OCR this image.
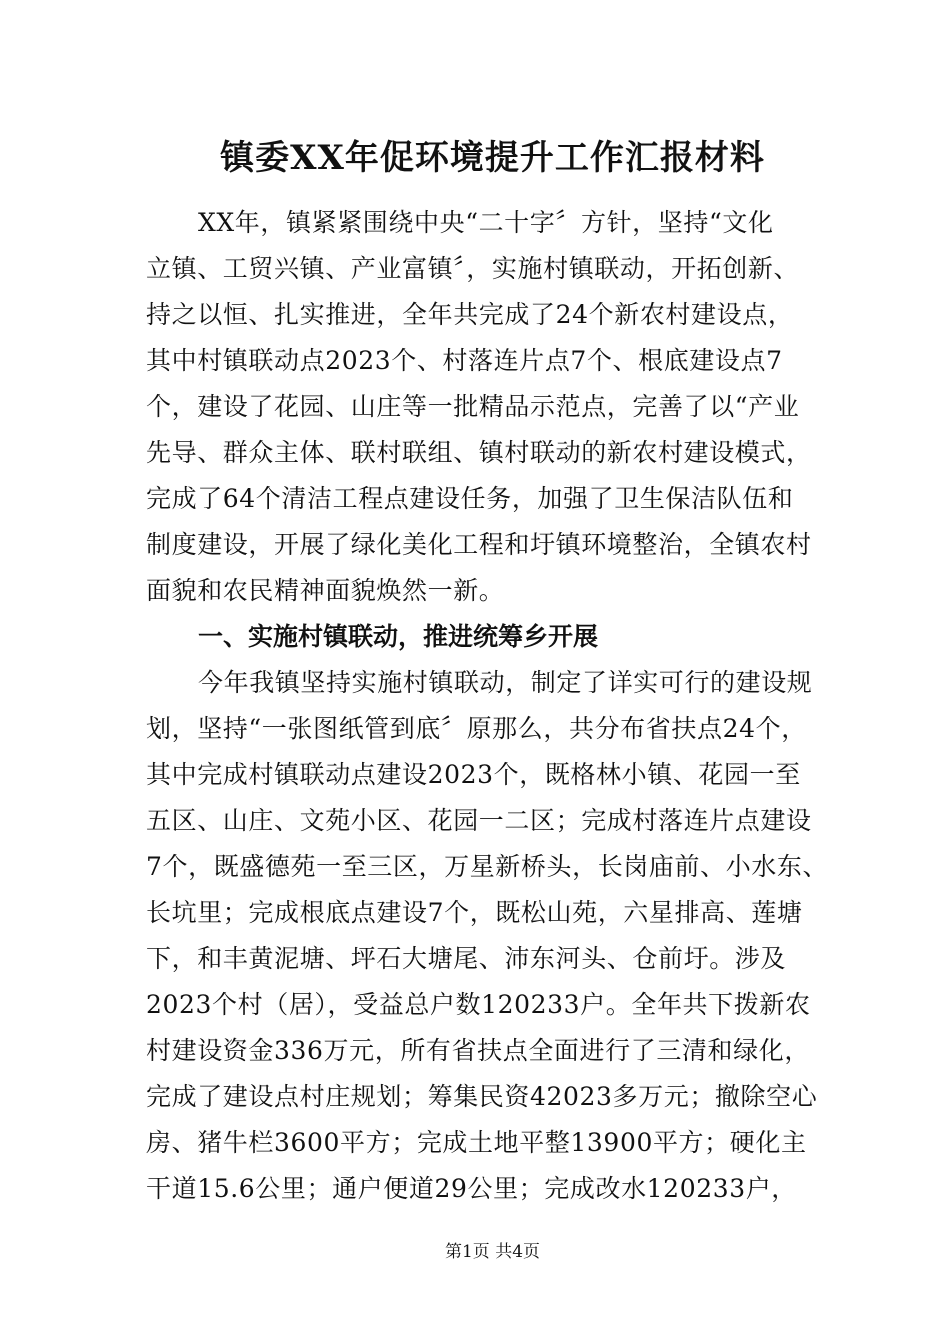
镇委XX年促环境提升工作汇报材料
XX年，镇紧紧围绕中央“二十字〞方针，坚持“文化
立镇、工贸兴镇、产业富镇〞，实施村镇联动，开拓创新、
持之以恒、扎实推进，全年共完成了24个新农村建设点，
其中村镇联动点2023个、村落连片点7个、根底建设点7
个，建设了花园、山庄等一批精品示范点，完善了以“产业
先导、群众主体、联村联组、镇村联动的新农村建设模式，
完成了64个清洁工程点建设任务，加强了卫生保洁队伍和
制度建设，开展了绿化美化工程和圩镇环境整治，全镇农村
面貌和农民精神面貌焕然一新。
一、实施村镇联动，推进统筹乡开展
今年我镇坚持实施村镇联动，制定了详实可行的建设规
划，坚持“一张图纸管到底〞原那么，共分布省扶点24个，
其中完成村镇联动点建设2023个，既格林小镇、花园一至
五区、山庄、文苑小区、花园一二区；完成村落连片点建设
7个，既盛德苑一至三区，万星新桥头，长岗庙前、小水东、
长坑里；完成根底点建设7个，既松山苑，六星排高、莲塘
下，和丰黄泥塘、坪石大塘尾、沛东河头、仓前圩。涉及
2023个村（居），受益总户数120233户。全年共下拨新农
村建设资金336万元，所有省扶点全面进行了三清和绿化，
完成了建设点村庄规划；筹集民资42023多万元；撤除空心
房、猪牛栏3600平方；完成土地平整13900平方；硬化主
干道15.6公里；通户便道29公里；完成改水120233户，
第1页 共4页
